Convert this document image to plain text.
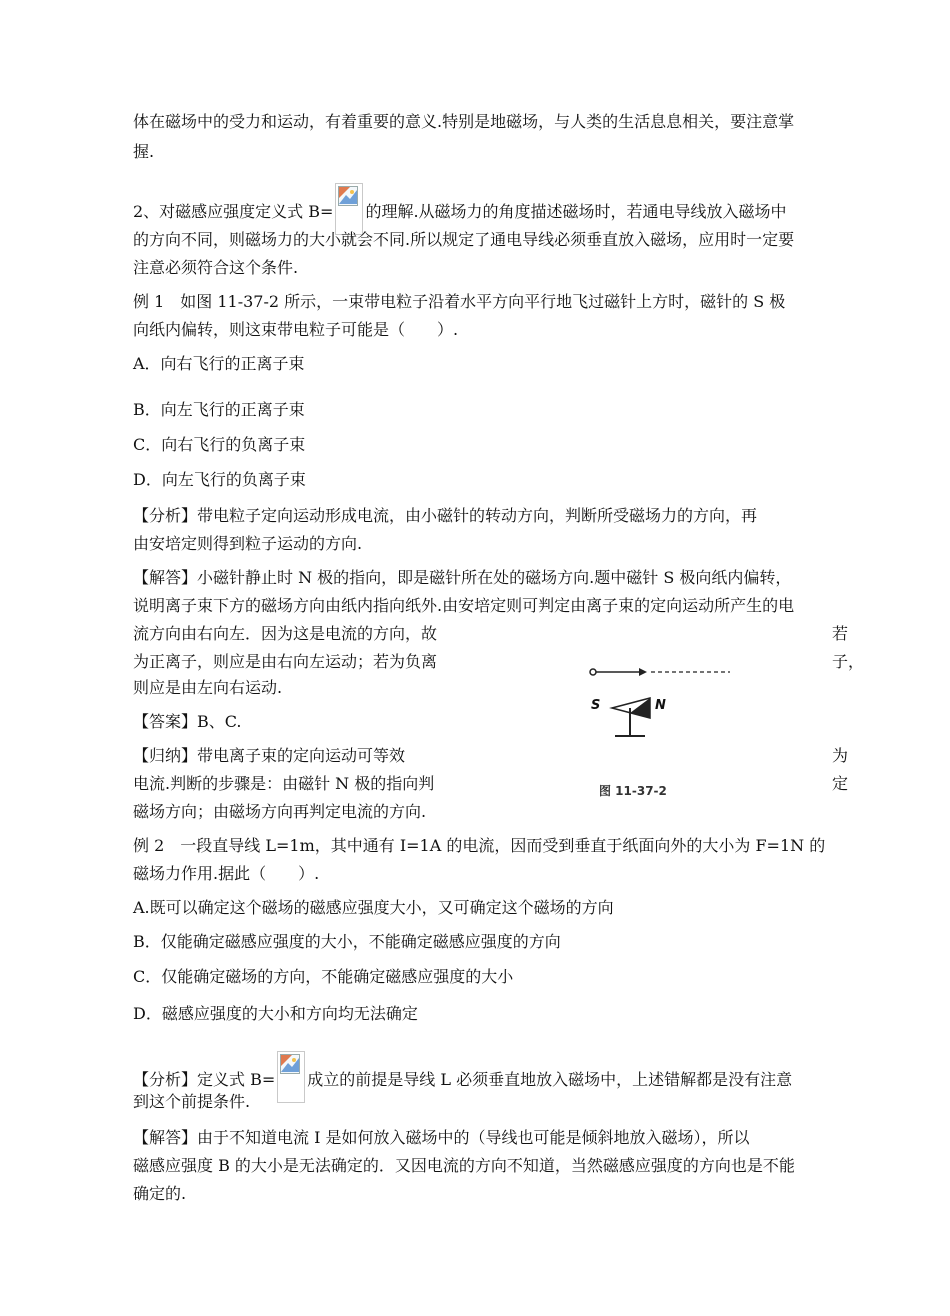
体在磁场中的受力和运动，有着重要的意义.特别是地磁场，与人类的生活息息相关，要注意掌
握.
2、对磁感应强度定义式 B= 的理解.从磁场力的角度描述磁场时，若通电导线放入磁场中
的方向不同，则磁场力的大小就会不同.所以规定了通电导线必须垂直放入磁场，应用时一定要
注意必须符合这个条件.
例 1　如图 11-37-2 所示，一束带电粒子沿着水平方向平行地飞过磁针上方时，磁针的 S 极
向纸内偏转，则这束带电粒子可能是（　　）.
A．向右飞行的正离子束
B．向左飞行的正离子束
C．向右飞行的负离子束
D．向左飞行的负离子束
【分析】带电粒子定向运动形成电流，由小磁针的转动方向，判断所受磁场力的方向，再
由安培定则得到粒子运动的方向.
【解答】小磁针静止时 N 极的指向，即是磁针所在处的磁场方向.题中磁针 S 极向纸内偏转，
说明离子束下方的磁场方向由纸内指向纸外.由安培定则可判定由离子束的定向运动所产生的电
流方向由右向左．因为这是电流的方向，故	若
为正离子，则应是由右向左运动；若为负离	子，
则应是由左向右运动.
【答案】B、C.
【归纳】带电离子束的定向运动可等效	为
电流.判断的步骤是：由磁针 N 极的指向判	定
磁场方向；由磁场方向再判定电流的方向.
S	N
图 11-37-2
例 2　一段直导线 L=1m，其中通有 I=1A 的电流，因而受到垂直于纸面向外的大小为 F=1N 的
磁场力作用.据此（　　）.
A.既可以确定这个磁场的磁感应强度大小，又可确定这个磁场的方向
B．仅能确定磁感应强度的大小，不能确定磁感应强度的方向
C．仅能确定磁场的方向，不能确定磁感应强度的大小
D．磁感应强度的大小和方向均无法确定
【分析】定义式 B= 成立的前提是导线 L 必须垂直地放入磁场中，上述错解都是没有注意
到这个前提条件.
【解答】由于不知道电流 I 是如何放入磁场中的（导线也可能是倾斜地放入磁场），所以
磁感应强度 B 的大小是无法确定的．又因电流的方向不知道，当然磁感应强度的方向也是不能
确定的.
